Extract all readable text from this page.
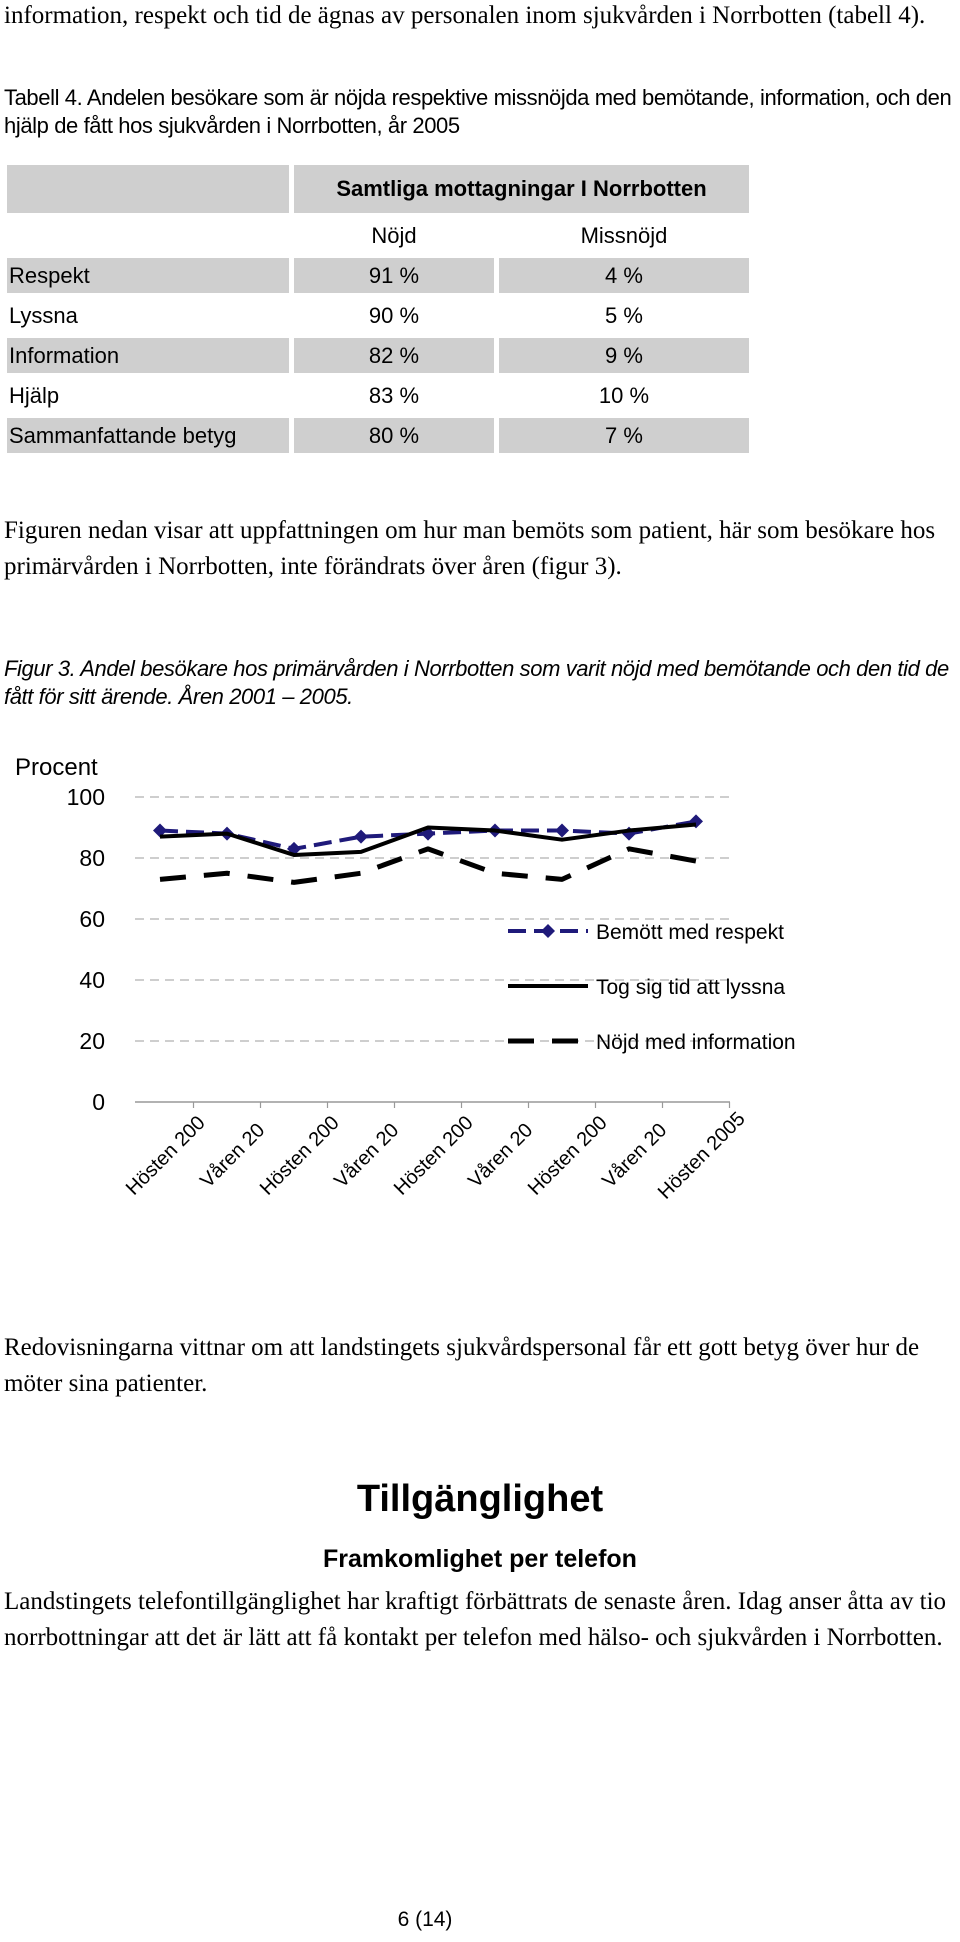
information, respekt och tid de ägnas av personalen inom sjukvården i Norrbotten (tabell 4).

Tabell 4. Andelen besökare som är nöjda respektive missnöjda med bemötande, information, och den hjälp de fått hos sjukvården i Norrbotten, år 2005

	Samtliga mottagningar I Norrbotten	
	Nöjd	Missnöjd
Respekt	91 %	4 %
Lyssna	90 %	5 %
Information	82 %	9 %
Hjälp	83 %	10 %
Sammanfattande betyg	80 %	7 %

Figuren nedan visar att uppfattningen om hur man bemöts som patient, här som besökare hos primärvården i Norrbotten, inte förändrats över åren (figur 3).

Figur 3. Andel besökare hos primärvården i Norrbotten som varit nöjd med bemötande och den tid de fått för sitt ärende. Åren 2001 – 2005.

Procent
0
20
40
60
80
100
Hösten 200
Våren 20
Hösten 200
Våren 20
Hösten 200
Våren 20
Hösten 200
Våren 20
Hösten 2005
Bemött med respekt
Tog sig tid att lyssna
Nöjd med information

Redovisningarna vittnar om att landstingets sjukvårdspersonal får ett gott betyg över hur de möter sina patienter.

Tillgänglighet
Framkomlighet per telefon

Landstingets telefontillgänglighet har kraftigt förbättrats de senaste åren. Idag anser åtta av tio norrbottningar att det är lätt att få kontakt per telefon med hälso- och sjukvården i Norrbotten.

6 (14)
